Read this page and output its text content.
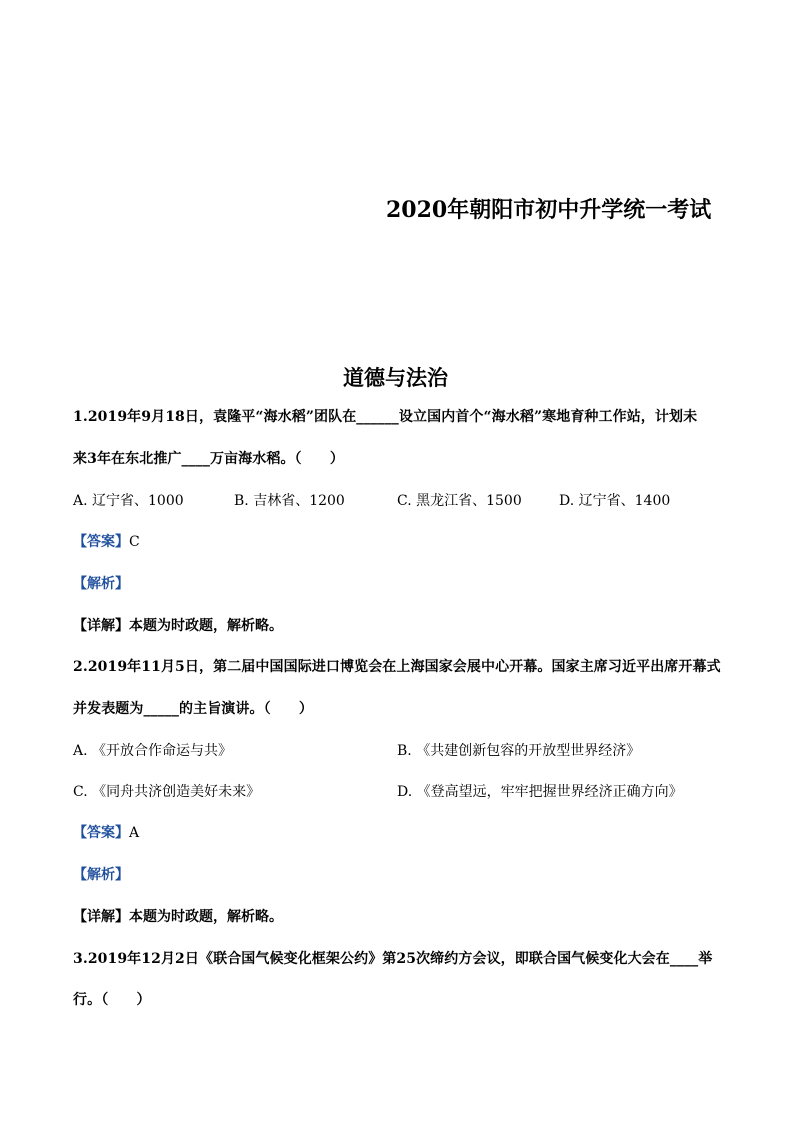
2020年朝阳市初中升学统一考试
道德与法治
1.2019年9月18日，袁隆平“海水稻”团队在______设立国内首个“海水稻”寒地育种工作站，计划未
来3年在东北推广____万亩海水稻。（　　）
A. 辽宁省、1000	B. 吉林省、1200	C. 黑龙江省、1500	D. 辽宁省、1400
【答案】C
【解析】
【详解】本题为时政题，解析略。
2.2019年11月5日，第二届中国国际进口博览会在上海国家会展中心开幕。国家主席习近平出席开幕式
并发表题为_____的主旨演讲。（　　）
A. 《开放合作命运与共》	B. 《共建创新包容的开放型世界经济》
C. 《同舟共济创造美好未来》	D. 《登高望远，牢牢把握世界经济正确方向》
【答案】A
【解析】
【详解】本题为时政题，解析略。
3.2019年12月2日《联合国气候变化框架公约》第25次缔约方会议，即联合国气候变化大会在____举
行。（　　）
